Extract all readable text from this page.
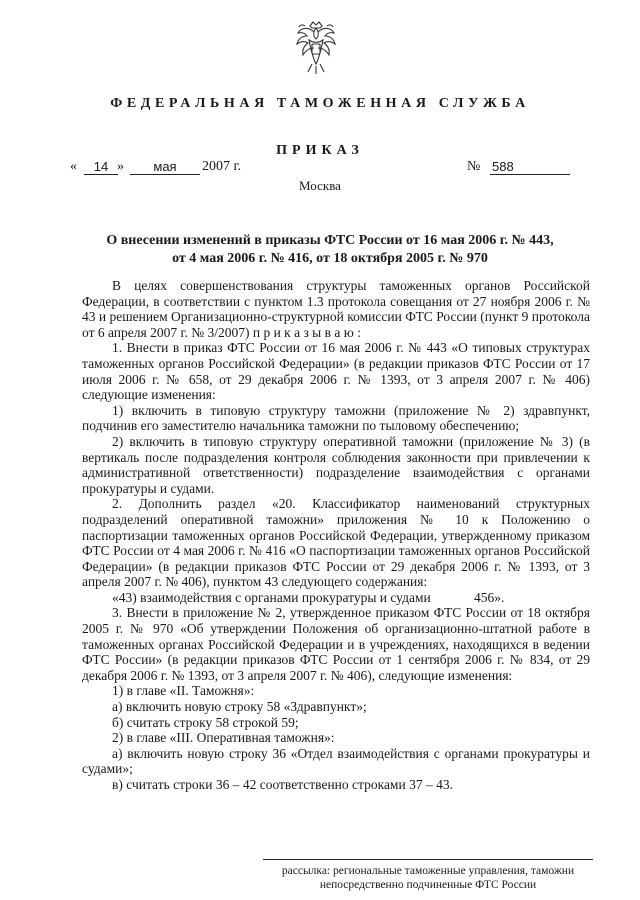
ФЕДЕРАЛЬНАЯ ТАМОЖЕННАЯ СЛУЖБА
ПРИКАЗ
«	14 »	мая	2007 г.	№ 588
Москва
О внесении изменений в приказы ФТС России от 16 мая 2006 г. № 443,
от 4 мая 2006 г. № 416, от 18 октября 2005 г. № 970

В целях совершенствования структуры таможенных органов Российской Федерации, в соответствии с пунктом 1.3 протокола совещания от 27 ноября 2006 г. № 43 и решением Организационно-структурной комиссии ФТС России (пункт 9 протокола от 6 апреля 2007 г. № 3/2007) п р и к а з ы в а ю :

1. Внести в приказ ФТС России от 16 мая 2006 г. № 443 «О типовых структурах таможенных органов Российской Федерации» (в редакции приказов ФТС России от 17 июля 2006 г. № 658, от 29 декабря 2006 г. № 1393, от 3 апреля 2007 г. № 406) следующие изменения:

1) включить в типовую структуру таможни (приложение № 2) здравпункт, подчинив его заместителю начальника таможни по тыловому обеспечению;

2) включить в типовую структуру оперативной таможни (приложение № 3) (в вертикаль после подразделения контроля соблюдения законности при привлечении к административной ответственности) подразделение взаимодействия с органами прокуратуры и судами.

2. Дополнить раздел «20. Классификатор наименований структурных подразделений оперативной таможни» приложения № 10 к Положению о паспортизации таможенных органов Российской Федерации, утвержденному приказом ФТС России от 4 мая 2006 г. № 416 «О паспортизации таможенных органов Российской Федерации» (в редакции приказов ФТС России от 29 декабря 2006 г. № 1393, от 3 апреля 2007 г. № 406), пунктом 43 следующего содержания:

«43) взаимодействия с органами прокуратуры и судами	456».

3. Внести в приложение № 2, утвержденное приказом ФТС России от 18 октября 2005 г. № 970 «Об утверждении Положения об организационно-штатной работе в таможенных органах Российской Федерации и в учреждениях, находящихся в ведении ФТС России» (в редакции приказов ФТС России от 1 сентября 2006 г. № 834, от 29 декабря 2006 г. № 1393, от 3 апреля 2007 г. № 406), следующие изменения:

1) в главе «II. Таможня»:

а) включить новую строку 58 «Здравпункт»;

б) считать строку 58 строкой 59;

2) в главе «III. Оперативная таможня»:

а) включить новую строку 36 «Отдел взаимодействия с органами прокуратуры и судами»;

в) считать строки 36 – 42 соответственно строками 37 – 43.

рассылка: региональные таможенные управления, таможни непосредственно подчиненные ФТС России
